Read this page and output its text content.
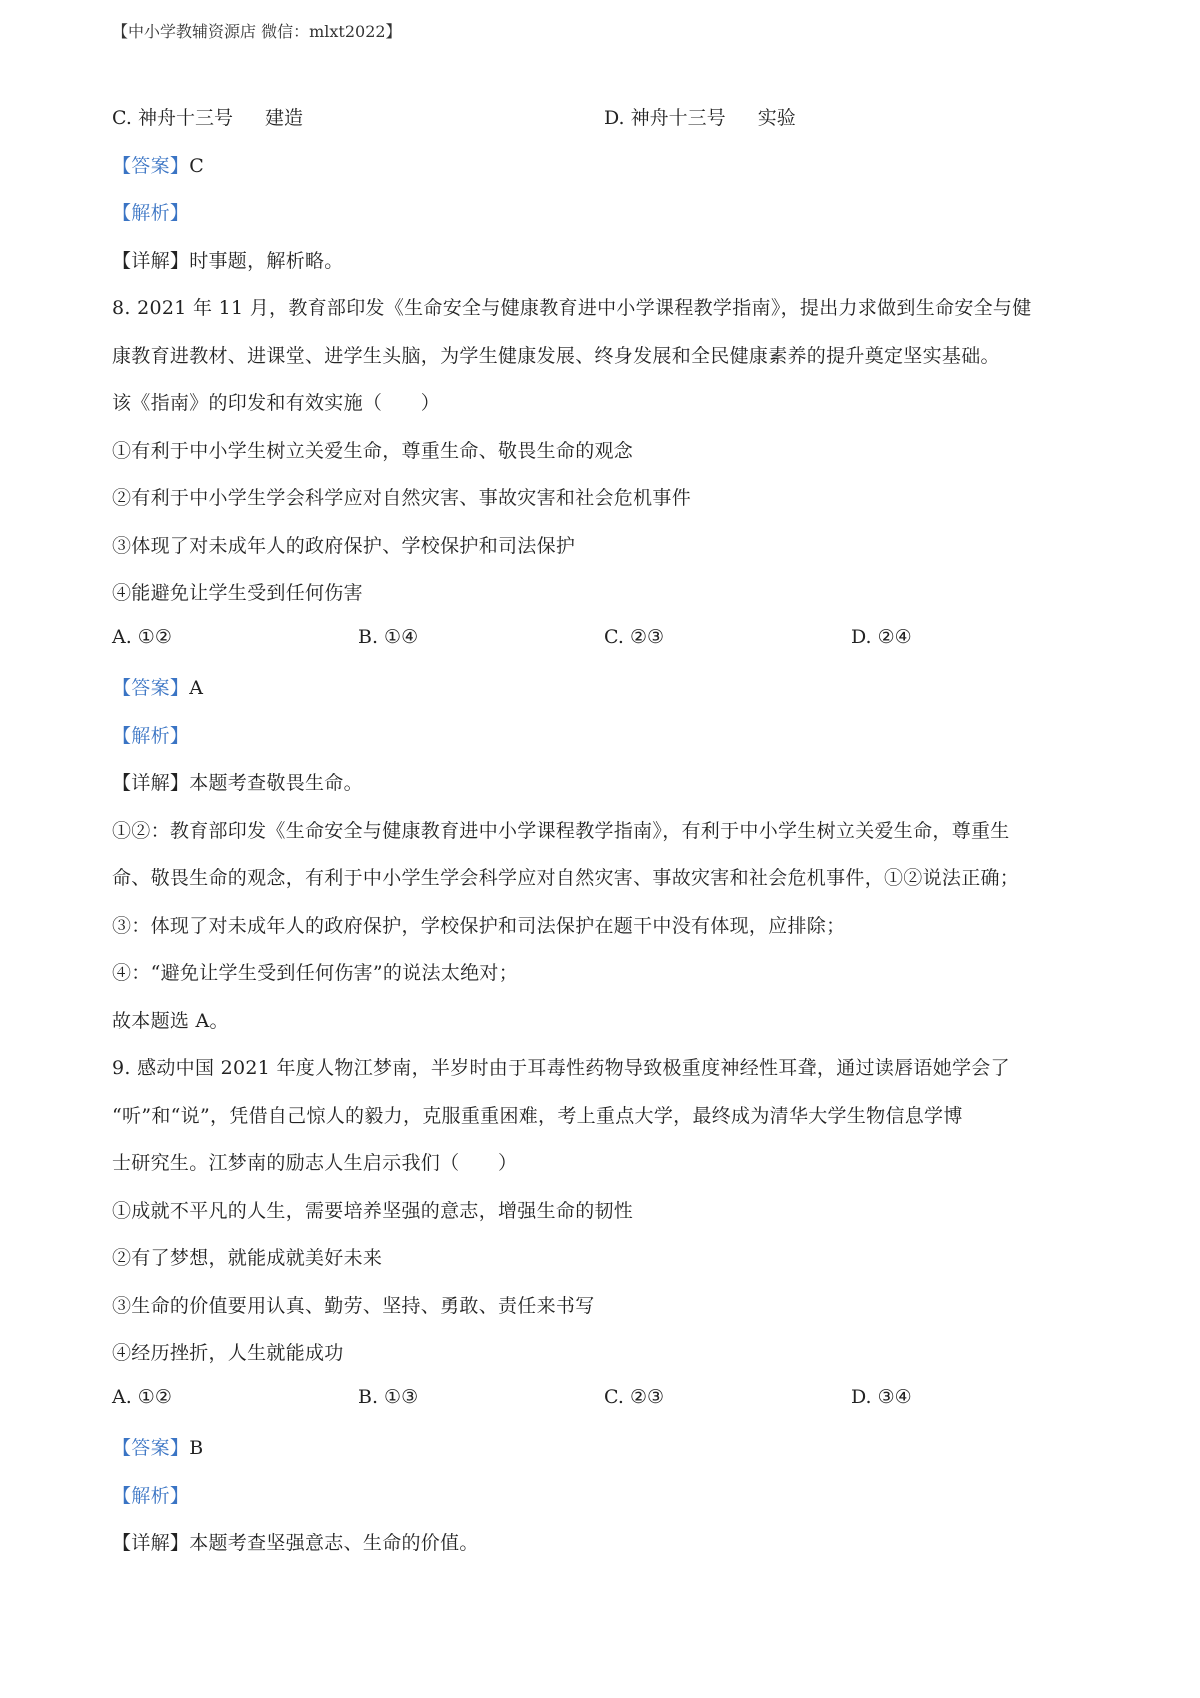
【中小学教辅资源店 微信：mlxt2022】
C. 神舟十三号 建造	D. 神舟十三号 实验
【答案】C
【解析】
【详解】时事题，解析略。
8. 2021 年 11 月，教育部印发《生命安全与健康教育进中小学课程教学指南》，提出力求做到生命安全与健
康教育进教材、进课堂、进学生头脑，为学生健康发展、终身发展和全民健康素养的提升奠定坚实基础。
该《指南》的印发和有效实施（　　）
①有利于中小学生树立关爱生命，尊重生命、敬畏生命的观念
②有利于中小学生学会科学应对自然灾害、事故灾害和社会危机事件
③体现了对未成年人的政府保护、学校保护和司法保护
④能避免让学生受到任何伤害
A. ①②	B. ①④	C. ②③	D. ②④
【答案】A
【解析】
【详解】本题考查敬畏生命。
①②：教育部印发《生命安全与健康教育进中小学课程教学指南》，有利于中小学生树立关爱生命，尊重生
命、敬畏生命的观念，有利于中小学生学会科学应对自然灾害、事故灾害和社会危机事件，①②说法正确；
③：体现了对未成年人的政府保护，学校保护和司法保护在题干中没有体现，应排除；
④：“避免让学生受到任何伤害”的说法太绝对；
故本题选 A。
9. 感动中国 2021 年度人物江梦南，半岁时由于耳毒性药物导致极重度神经性耳聋，通过读唇语她学会了
“听”和“说”，凭借自己惊人的毅力，克服重重困难，考上重点大学，最终成为清华大学生物信息学博
士研究生。江梦南的励志人生启示我们（　　）
①成就不平凡的人生，需要培养坚强的意志，增强生命的韧性
②有了梦想，就能成就美好未来
③生命的价值要用认真、勤劳、坚持、勇敢、责任来书写
④经历挫折，人生就能成功
A. ①②	B. ①③	C. ②③	D. ③④
【答案】B
【解析】
【详解】本题考查坚强意志、生命的价值。
